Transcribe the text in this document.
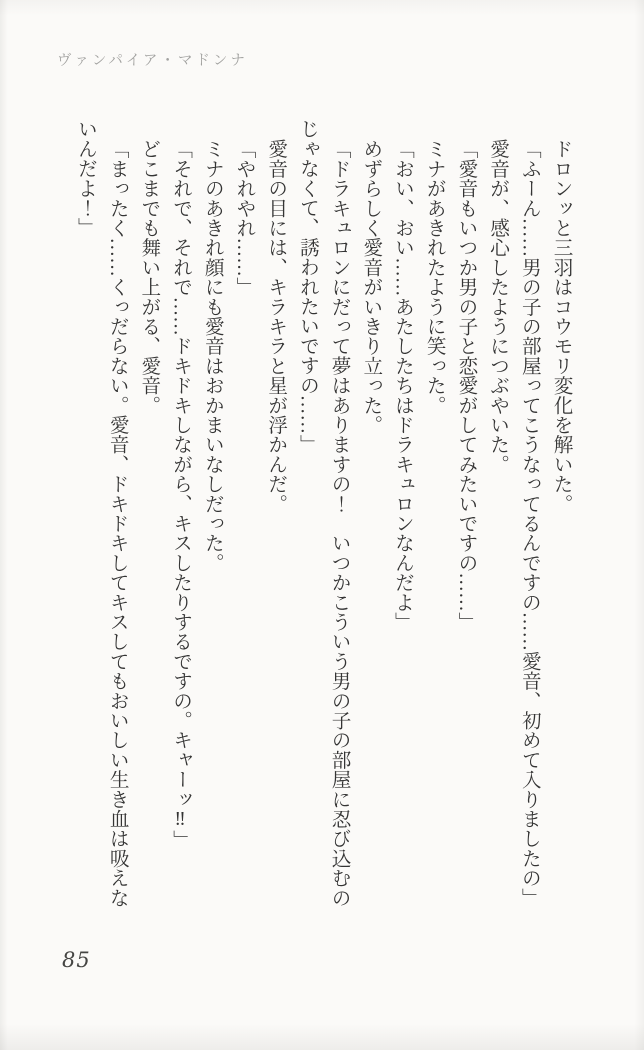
ヴァンパイア・マドンナ
ドロンッと三羽はコウモリ変化を解いた。
「ふーん……男の子の部屋ってこうなってるんですの……愛音、初めて入りましたの」
愛音が、感心したようにつぶやいた。
「愛音もいつか男の子と恋愛がしてみたいですの……」
ミナがあきれたように笑った。
「おい、おい……あたしたちはドラキュロンなんだよ」
めずらしく愛音がいきり立った。
「ドラキュロンにだって夢はありますの！　いつかこういう男の子の部屋に忍び込むの
じゃなくて、誘われたいですの……」
愛音の目には、キラキラと星が浮かんだ。
「やれやれ……」
ミナのあきれ顔にも愛音はおかまいなしだった。
「それで、それで……ドキドキしながら、キスしたりするですの。キャーッ‼」
どこまでも舞い上がる、愛音。
「まったく……くっだらない。愛音、ドキドキしてキスしてもおいしい生き血は吸えな
いんだよ！」
85
